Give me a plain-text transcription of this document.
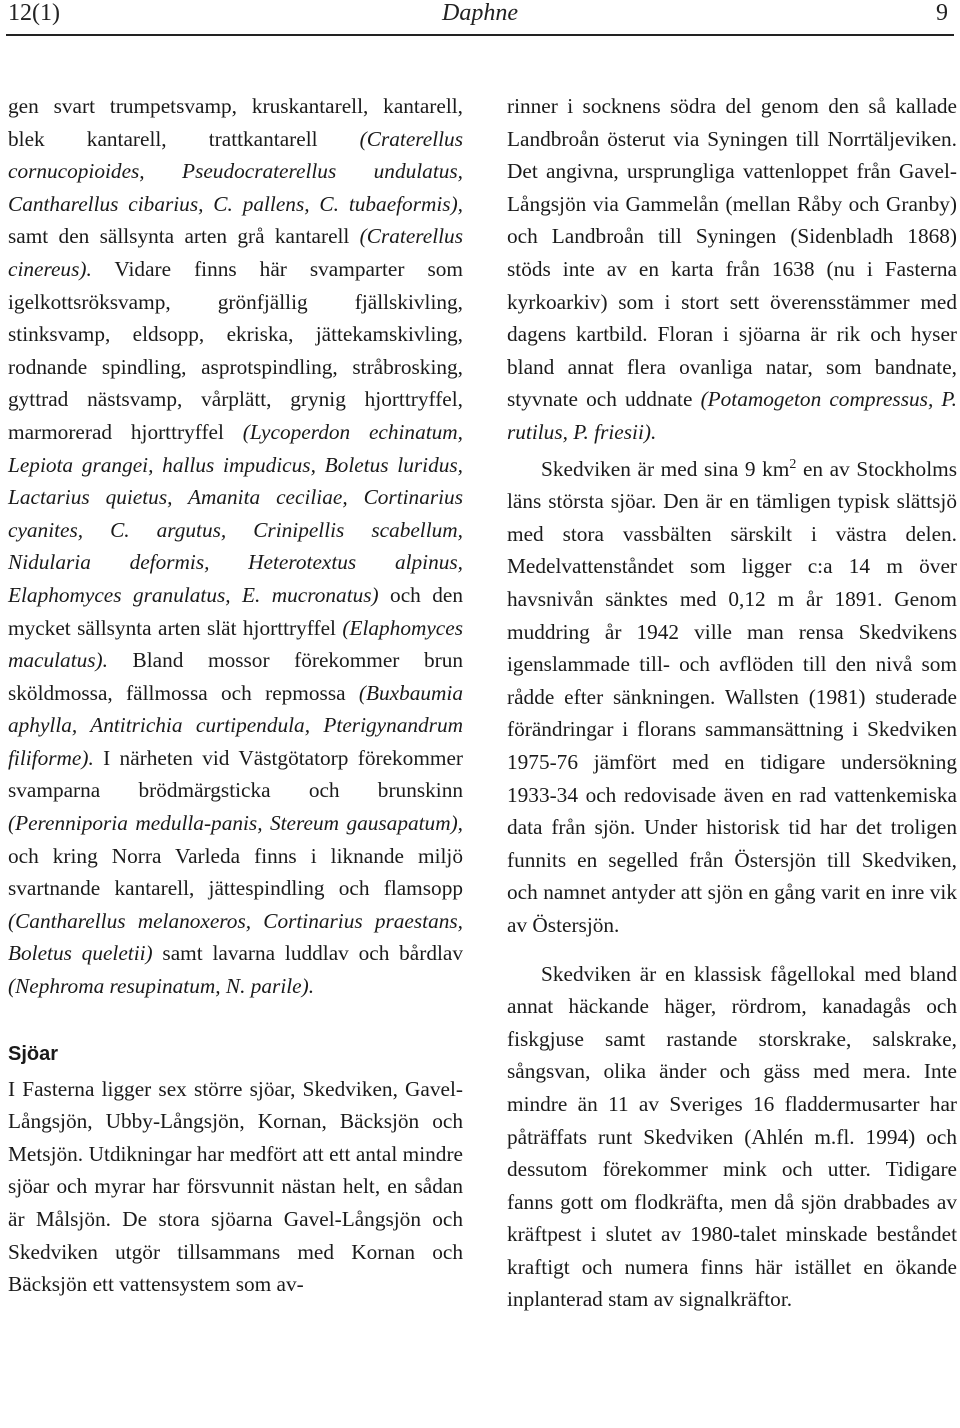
12(1)	Daphne	9

gen svart trumpetsvamp, kruskantarell, kantarell, blek kantarell, trattkantarell (Craterellus cornucopioides, Pseudocraterellus undulatus, Cantharellus cibarius, C. pallens, C. tubaeformis), samt den sällsynta arten grå kantarell (Craterellus cinereus). Vidare finns här svamparter som igelkottsröksvamp, grönfjällig fjällskivling, stinksvamp, eldsopp, ekriska, jättekamskivling, rodnande spindling, asprotspindling, stråbrosking, gyttrad nästsvamp, vårplätt, grynig hjorttryffel, marmorerad hjorttryffel (Lycoperdon echinatum, Lepiota grangei, hallus impudicus, Boletus luridus, Lactarius quietus, Amanita ceciliae, Cortinarius cyanites, C. argutus, Crinipellis scabellum, Nidularia deformis, Heterotextus alpinus, Elaphomyces granulatus, E. mucronatus) och den mycket sällsynta arten slät hjorttryffel (Elaphomyces maculatus). Bland mossor förekommer brun sköldmossa, fällmossa och repmossa (Buxbaumia aphylla, Antitrichia curtipendula, Pterigynandrum filiforme). I närheten vid Västgötatorp förekommer svamparna brödmärgsticka och brunskinn (Perenniporia medulla-panis, Stereum gausapatum), och kring Norra Varleda finns i liknande miljö svartnande kantarell, jättespindling och flamsopp (Cantharellus melanoxeros, Cortinarius praestans, Boletus queletii) samt lavarna luddlav och bårdlav (Nephroma resupinatum, N. parile).

Sjöar

I Fasterna ligger sex större sjöar, Skedviken, Gavel-Långsjön, Ubby-Långsjön, Kornan, Bäcksjön och Metsjön. Utdikningar har medfört att ett antal mindre sjöar och myrar har försvunnit nästan helt, en sådan är Målsjön. De stora sjöarna Gavel-Långsjön och Skedviken utgör tillsammans med Kornan och Bäcksjön ett vattensystem som av-

rinner i socknens södra del genom den så kallade Landbroån österut via Syningen till Norrtäljeviken. Det angivna, ursprungliga vattenloppet från Gavel-Långsjön via Gammelån (mellan Råby och Granby) och Landbroån till Syningen (Sidenbladh 1868) stöds inte av en karta från 1638 (nu i Fasterna kyrkoarkiv) som i stort sett överensstämmer med dagens kartbild. Floran i sjöarna är rik och hyser bland annat flera ovanliga natar, som bandnate, styvnate och uddnate (Potamogeton compressus, P. rutilus, P. friesii).

Skedviken är med sina 9 $km^2$ en av Stockholms läns största sjöar. Den är en tämligen typisk slättsjö med stora vassbälten särskilt i västra delen. Medelvattenståndet som ligger c:a 14 m över havsnivån sänktes med 0,12 m år 1891. Genom muddring år 1942 ville man rensa Skedvikens igenslammade till- och avflöden till den nivå som rådde efter sänkningen. Wallsten (1981) studerade förändringar i florans sammansättning i Skedviken 1975-76 jämfört med en tidigare undersökning 1933-34 och redovisade även en rad vattenkemiska data från sjön. Under historisk tid har det troligen funnits en segelled från Östersjön till Skedviken, och namnet antyder att sjön en gång varit en inre vik av Östersjön.

Skedviken är en klassisk fågellokal med bland annat häckande häger, rördrom, kanadagås och fiskgjuse samt rastande storskrake, salskrake, sångsvan, olika änder och gäss med mera. Inte mindre än 11 av Sveriges 16 fladdermusarter har påträffats runt Skedviken (Ahlén m.fl. 1994) och dessutom förekommer mink och utter. Tidigare fanns gott om flodkräfta, men då sjön drabbades av kräftpest i slutet av 1980-talet minskade beståndet kraftigt och numera finns här istället en ökande inplanterad stam av signalkräftor.
